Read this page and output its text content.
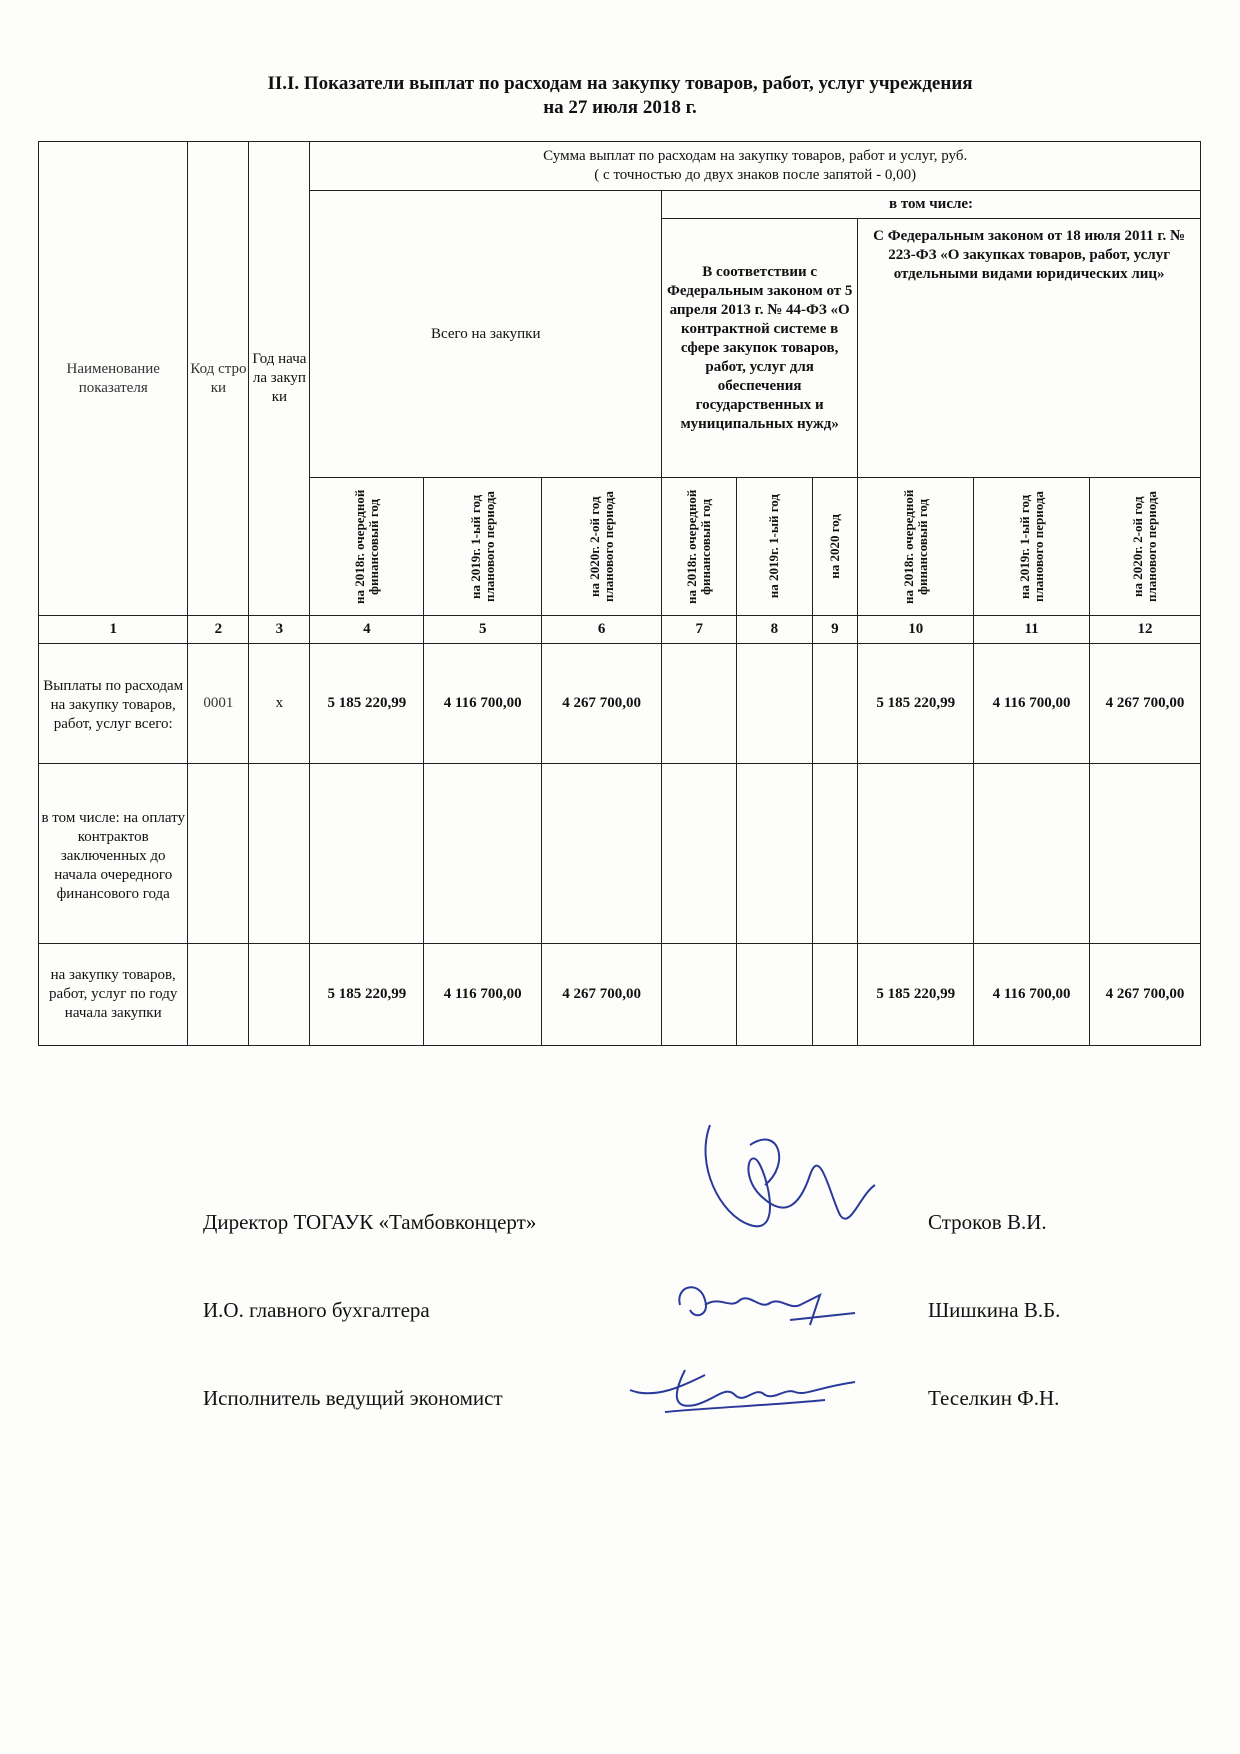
II.I. Показатели выплат по расходам на закупку товаров, работ, услуг учреждения
на 27 июля 2018 г.
Наименование показателя	Код стро ки	Год нача ла закуп ки	Сумма выплат по расходам на закупку товаров, работ и услуг, руб.
( с точностью до двух знаков после запятой - 0,00)								

			Всего на закупки			в том числе:					
						В соответствии с Федеральным законом от 5 апреля 2013 г. № 44-ФЗ «О контрактной системе в сфере закупок товаров, работ, услуг для обеспечения государственных и муниципальных нужд»			С Федеральным законом от 18 июля 2011 г. № 223-ФЗ «О закупках товаров, работ, услуг отдельными видами юридических лиц»		

			на 2018г. очередной финансовый год	на 2019г. 1-ый год планового периода	на 2020г. 2-ой год планового периода	на 2018г. очередной финансовый год	на 2019г. 1-ый год	на 2020 год	на 2018г. очередной финансовый год	на 2019г. 1-ый год планового периода	на 2020г. 2-ой год планового периода

1	2	3	4	5	6	7	8	9	10	11	12
Выплаты по расходам на закупку товаров, работ, услуг всего:	0001	х	5 185 220,99	4 116 700,00	4 267 700,00				5 185 220,99	4 116 700,00	4 267 700,00
в том числе: на оплату контрактов заключенных до начала очередного финансового года											
на закупку товаров, работ, услуг по году начала закупки			5 185 220,99	4 116 700,00	4 267 700,00				5 185 220,99	4 116 700,00	4 267 700,00
Директор ТОГАУК «Тамбовконцерт»	Строков В.И.
И.О. главного бухгалтера	Шишкина В.Б.
Исполнитель ведущий экономист	Теселкин Ф.Н.
